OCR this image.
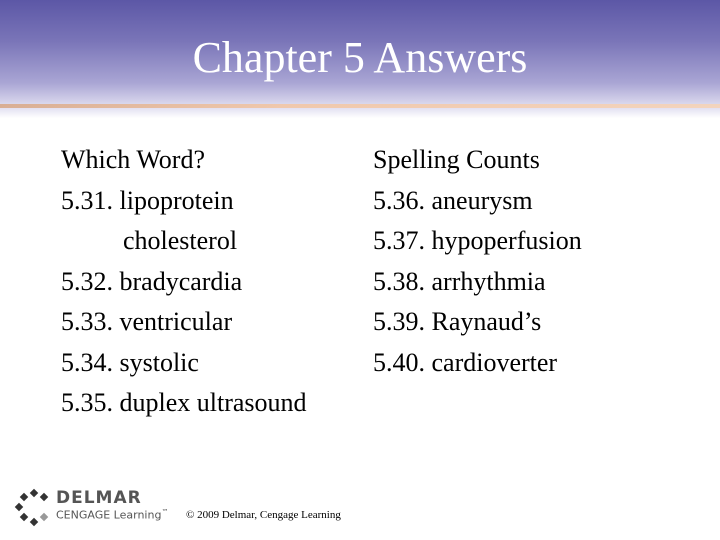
Chapter 5 Answers
Which Word?
5.31. lipoprotein
cholesterol
5.32. bradycardia
5.33. ventricular
5.34. systolic
5.35. duplex ultrasound
Spelling Counts
5.36. aneurysm
5.37. hypoperfusion
5.38. arrhythmia
5.39. Raynaud’s
5.40. cardioverter
DELMAR
CENGAGE Learning™ © 2009 Delmar, Cengage Learning
